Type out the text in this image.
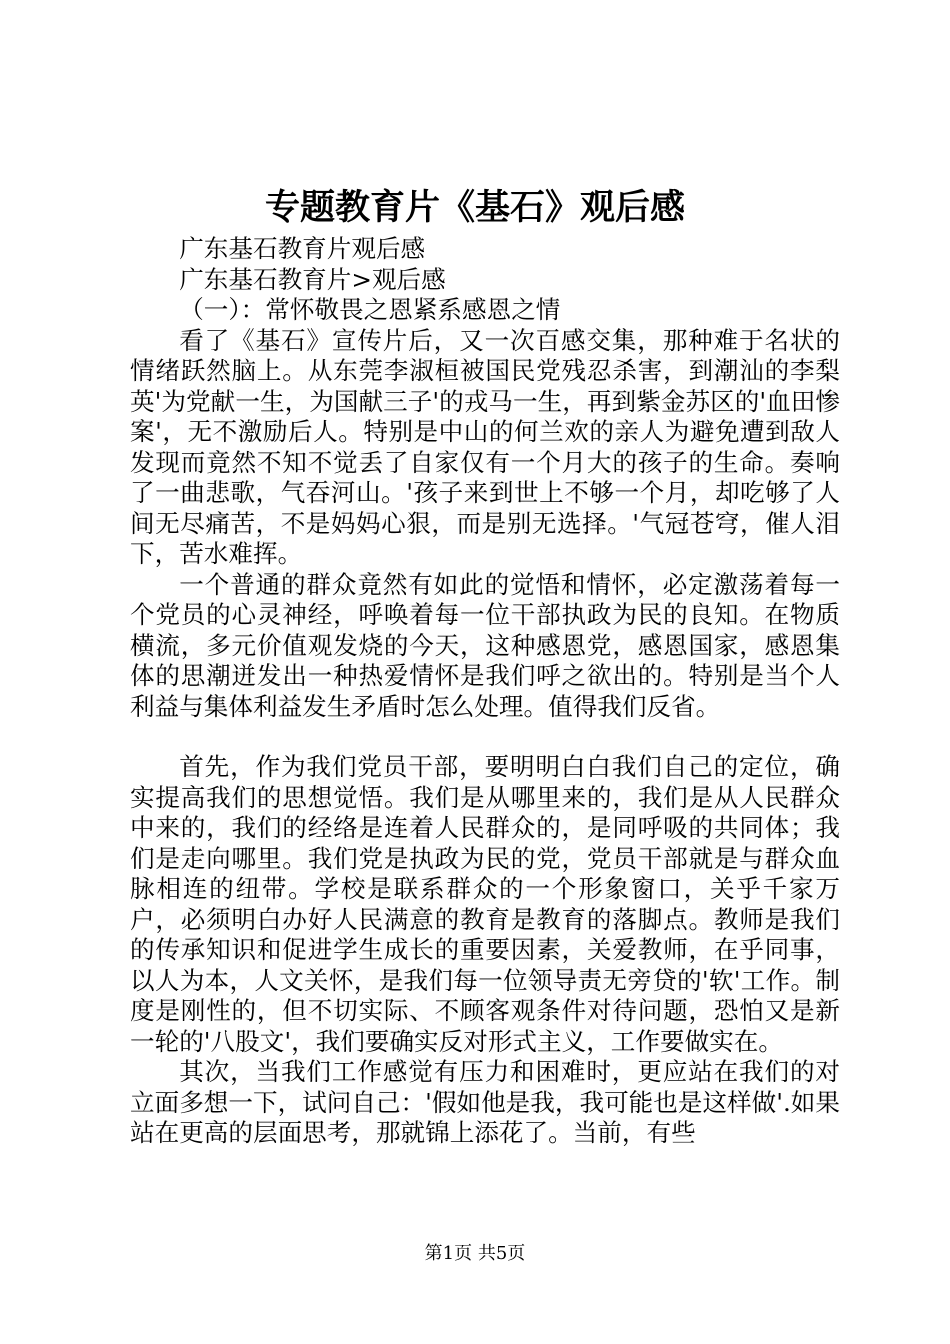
专题教育片《基石》观后感

广东基石教育片观后感

广东基石教育片>观后感

（一）：常怀敬畏之恩紧系感恩之情

看了《基石》宣传片后，又一次百感交集，那种难于名状的情绪跃然脑上。从东莞李淑桓被国民党残忍杀害，到潮汕的李梨英'为党献一生，为国献三子'的戎马一生，再到紫金苏区的'血田惨案'，无不激励后人。特别是中山的何兰欢的亲人为避免遭到敌人发现而竟然不知不觉丢了自家仅有一个月大的孩子的生命。奏响了一曲悲歌，气吞河山。'孩子来到世上不够一个月，却吃够了人间无尽痛苦，不是妈妈心狠，而是别无选择。'气冠苍穹，催人泪下，苦水难挥。

一个普通的群众竟然有如此的觉悟和情怀，必定激荡着每一个党员的心灵神经，呼唤着每一位干部执政为民的良知。在物质横流，多元价值观发烧的今天，这种感恩党，感恩国家，感恩集体的思潮迸发出一种热爱情怀是我们呼之欲出的。特别是当个人利益与集体利益发生矛盾时怎么处理。值得我们反省。

首先，作为我们党员干部，要明明白白我们自己的定位，确实提高我们的思想觉悟。我们是从哪里来的，我们是从人民群众中来的，我们的经络是连着人民群众的，是同呼吸的共同体；我们是走向哪里。我们党是执政为民的党，党员干部就是与群众血脉相连的纽带。学校是联系群众的一个形象窗口，关乎千家万户，必须明白办好人民满意的教育是教育的落脚点。教师是我们的传承知识和促进学生成长的重要因素，关爱教师，在乎同事，以人为本，人文关怀，是我们每一位领导责无旁贷的'软'工作。制度是刚性的，但不切实际、不顾客观条件对待问题，恐怕又是新一轮的'八股文'，我们要确实反对形式主义，工作要做实在。

其次，当我们工作感觉有压力和困难时，更应站在我们的对立面多想一下，试问自己：'假如他是我，我可能也是这样做'.如果站在更高的层面思考，那就锦上添花了。当前，有些

第1页 共5页
